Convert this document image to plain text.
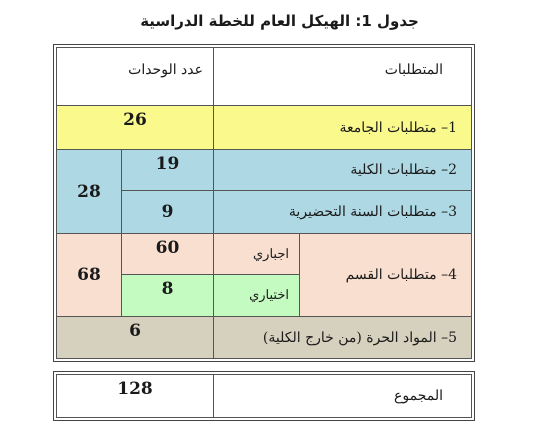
جدول 1: الهيكل العام للخطة الدراسية
المتطلبات
عدد الوحدات
1– متطلبات الجامعة
26
2– متطلبات الكلية
19
3– متطلبات السنة التحضيرية
9
28
4– متطلبات القسم
اجباري
اختياري
60
8
68
5– المواد الحرة (من خارج الكلية)
6
المجموع
128
